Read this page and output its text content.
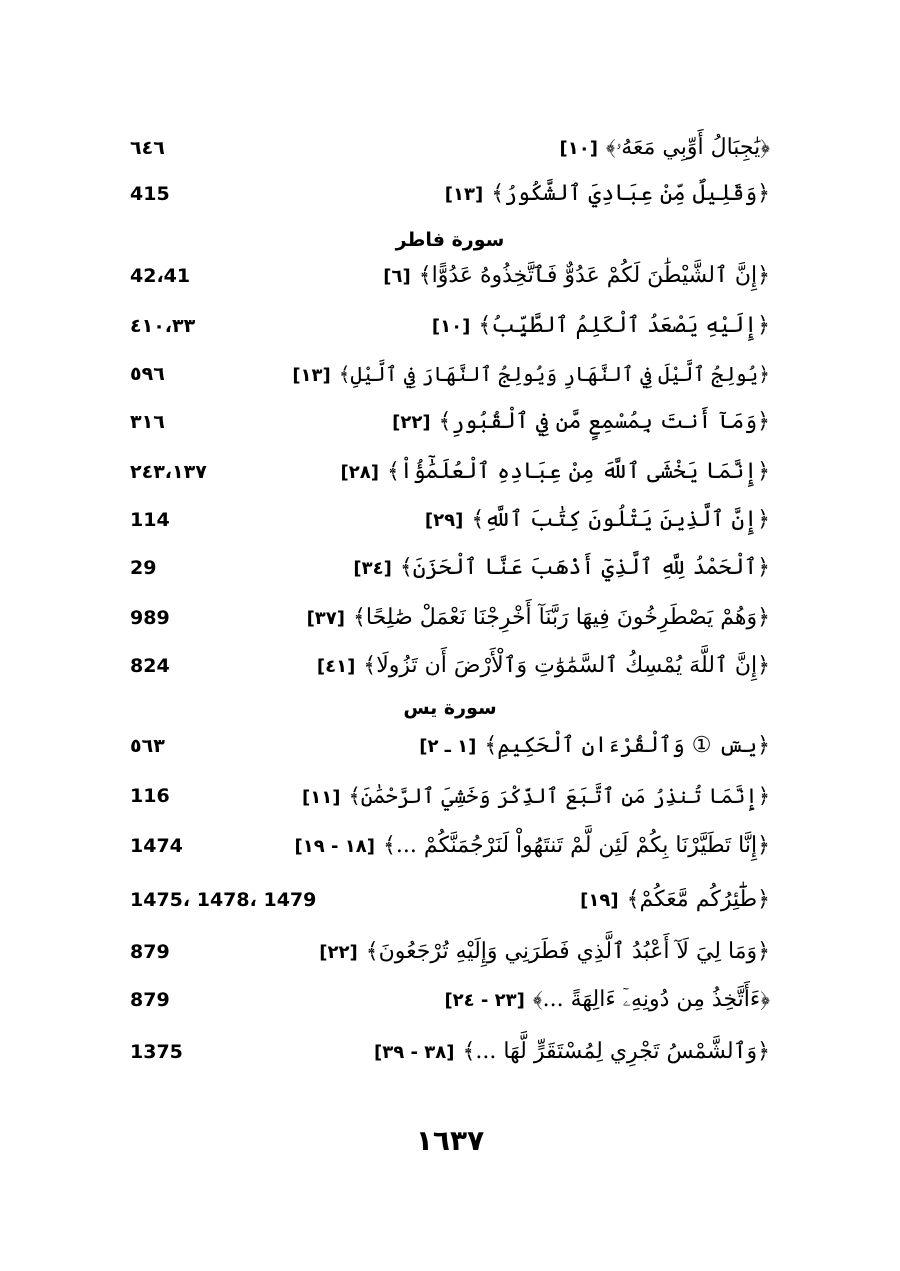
٦٤٦	﴿يَٰجِبَالُ أَوِّبِي مَعَهُۥ﴾[١٠]
415	﴿وَقَلِيلٌ مِّنْ عِبَادِيَ ٱلشَّكُورُ﴾[١٣]
سورة فاطر
42،41	﴿إِنَّ ٱلشَّيْطَٰنَ لَكُمْ عَدُوٌّ فَٱتَّخِذُوهُ عَدُوًّا﴾[٦]
٤١٠،٣٣	﴿إِلَيْهِ يَصْعَدُ ٱلْكَلِمُ ٱلطَّيِّبُ﴾[١٠]
٥٩٦	﴿يُولِجُ ٱلَّيْلَ فِي ٱلنَّهَارِ وَيُولِجُ ٱلنَّهَارَ فِي ٱلَّيْلِ﴾[١٣]
٣١٦	﴿وَمَآ أَنتَ بِمُسْمِعٍ مَّن فِي ٱلْقُبُورِ﴾[٢٢]
٢٤٣،١٣٧	﴿إِنَّمَا يَخْشَى ٱللَّهَ مِنْ عِبَادِهِ ٱلْعُلَمَٰٓؤُاْ﴾[٢٨]
114	﴿إِنَّ ٱلَّذِينَ يَتْلُونَ كِتَٰبَ ٱللَّهِ﴾[٢٩]
29	﴿ٱلْحَمْدُ لِلَّهِ ٱلَّذِيٓ أَذْهَبَ عَنَّا ٱلْحَزَنَ﴾[٣٤]
989	﴿وَهُمْ يَصْطَرِخُونَ فِيهَا رَبَّنَآ أَخْرِجْنَا نَعْمَلْ صَٰلِحًا﴾[٣٧]
824	﴿إِنَّ ٱللَّهَ يُمْسِكُ ٱلسَّمَٰوَٰتِ وَٱلْأَرْضَ أَن تَزُولَا﴾[٤١]
سورة يس
٥٦٣	﴿يسٓ ① وَٱلْقُرْءَانِ ٱلْحَكِيمِ﴾[١ ـ ٢]
116	﴿إِنَّمَا تُنذِرُ مَنِ ٱتَّبَعَ ٱلذِّكْرَ وَخَشِيَ ٱلرَّحْمَٰنَ﴾[١١]
1474	﴿إِنَّا تَطَيَّرْنَا بِكُمْ لَئِن لَّمْ تَنتَهُواْ لَنَرْجُمَنَّكُمْ ...﴾[١٨ - ١٩]
1479 ،1478 ،1475	﴿طَٰٓئِرُكُم مَّعَكُمْ﴾[١٩]
879	﴿وَمَا لِيَ لَآ أَعْبُدُ ٱلَّذِي فَطَرَنِي وَإِلَيْهِ تُرْجَعُونَ﴾[٢٢]
879	﴿ءَأَتَّخِذُ مِن دُونِهِۦٓ ءَالِهَةً ...﴾[٢٣ - ٢٤]
1375	﴿وَٱلشَّمْسُ تَجْرِي لِمُسْتَقَرٍّ لَّهَا ...﴾[٣٨ - ٣٩]
١٦٣٧
